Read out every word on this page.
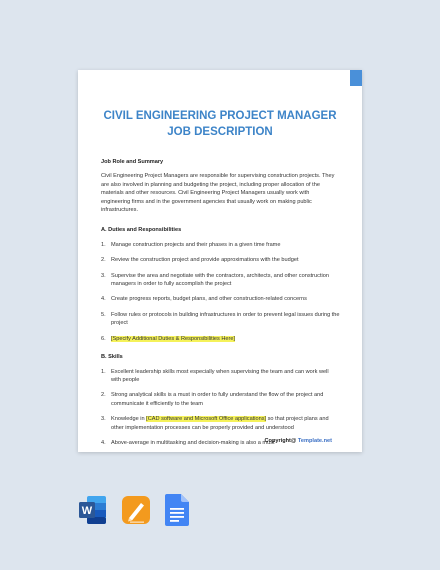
CIVIL ENGINEERING PROJECT MANAGER
JOB DESCRIPTION
Job Role and Summary
Civil Engineering Project Managers are responsible for supervising construction projects. They are also involved in planning and budgeting the project, including proper allocation of the materials and other resources. Civil Engineering Project Managers usually work with engineering firms and in the government agencies that usually work on making public infrastructures.
A. Duties and Responsibilities
1. Manage construction projects and their phases in a given time frame
2. Review the construction project and provide approximations with the budget
3. Supervise the area and negotiate with the contractors, architects, and other construction managers in order to fully accomplish the project
4. Create progress reports, budget plans, and other construction-related concerns
5. Follow rules or protocols in building infrastructures in order to prevent legal issues during the project
6. [Specify Additional Duties & Responsibilities Here]
B. Skills
1. Excellent leadership skills most especially when supervising the team and can work well with people
2. Strong analytical skills is a must in order to fully understand the flow of the project and communicate it efficiently to the team
3. Knowledge in [CAD software and Microsoft Office applications] so that project plans and other implementation processes can be properly provided and understood
4. Above-average in multitasking and decision-making is also a must
Copyright@ Template.net
W
